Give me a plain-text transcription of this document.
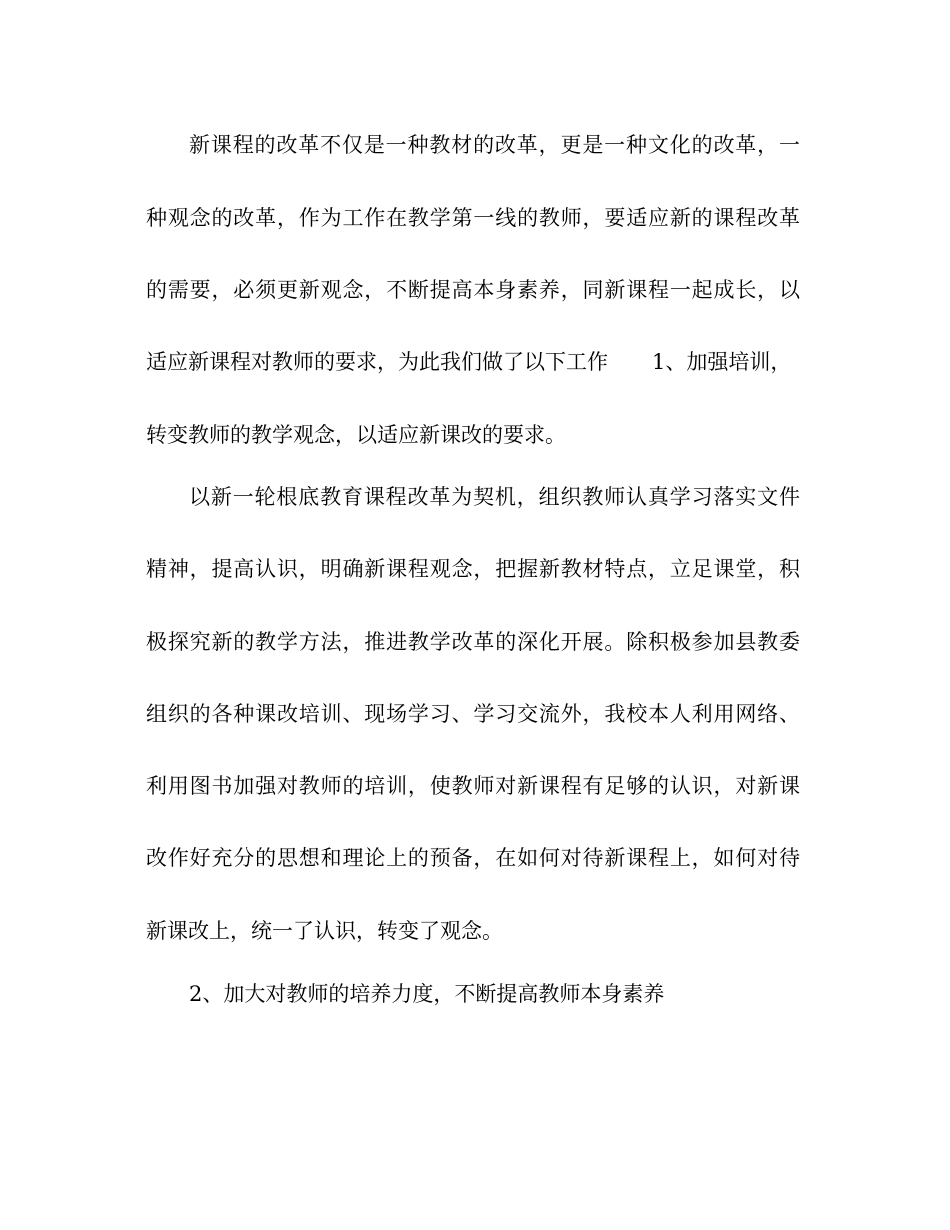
新课程的改革不仅是一种教材的改革，更是一种文化的改革，一
种观念的改革，作为工作在教学第一线的教师，要适应新的课程改革
的需要，必须更新观念，不断提高本身素养，同新课程一起成长，以
适应新课程对教师的要求，为此我们做了以下工作 1、加强培训，
转变教师的教学观念，以适应新课改的要求。
以新一轮根底教育课程改革为契机，组织教师认真学习落实文件
精神，提高认识，明确新课程观念，把握新教材特点，立足课堂，积
极探究新的教学方法，推进教学改革的深化开展。除积极参加县教委
组织的各种课改培训、现场学习、学习交流外，我校本人利用网络、
利用图书加强对教师的培训，使教师对新课程有足够的认识，对新课
改作好充分的思想和理论上的预备，在如何对待新课程上，如何对待
新课改上，统一了认识，转变了观念。
2、加大对教师的培养力度，不断提高教师本身素养
